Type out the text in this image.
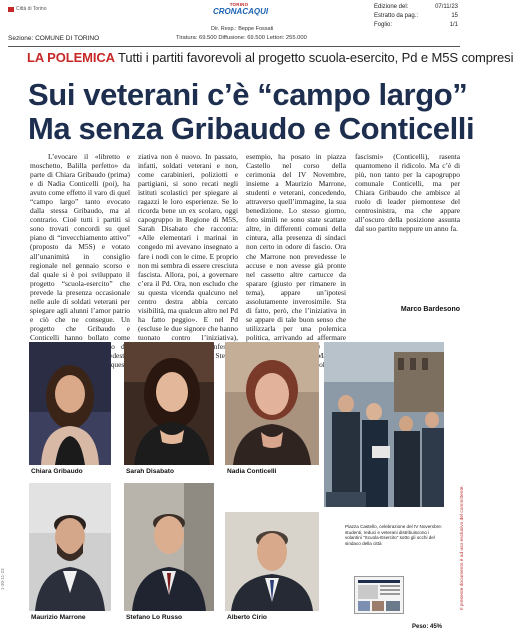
Città di Torino
TORINO
CRONACAQUI
Dir. Resp.: Beppe Fossati
Tiratura: 69.500 Diffusione: 69.500 Lettori: 255.000
Sezione: COMUNE DI TORINO
Edizione del:	07/11/23
Estratto da pag.:	15
Foglio:	1/1
LA POLEMICA Tutti i partiti favorevoli al progetto scuola-esercito, Pd e M5S compresi
Sui veterani c’è “campo largo”
Ma senza Gribaudo e Conticelli
L’evocare il «libretto e moschetto, Balilla perfetto» da parte di Chiara Gribaudo (prima) e di Nadia Conticelli (poi), ha avuto come effetto il varo di quel “campo largo” tanto evocato dalla stessa Gribaudo, ma al contrario. Cioè tutti i partiti si sono trovati concordi su quel piano di “invecchiamento attivo” (proposto da M5S) e votato all’unanimità in consiglio regionale nel gennaio scorso e dal quale si è poi sviluppato il progetto “scuola-esercito” che prevede la presenza occasionale nelle aule di soldati veterani per spiegare agli alunni l’amor patrio e ciò che ne consegue. Un progetto che Gribaudo e Conticelli hanno bollato come «destra questo
ziativa non è nuovo. In passato, infatti, soldati veterani e non, come carabinieri, poliziotti e partigiani, si sono recati negli istituti scolastici per spiegare ai ragazzi le loro esperienze. Se lo ricorda bene un ex scolaro, oggi capogruppo in Regione di M5S, Sarah Disabato che racconta: «Alle elementari i marinai in congedo mi avevano insegnato a fare i nodi con le cime. E proprio non mi sembra di essere cresciuta fascista. Allora, poi, a governare c’era il Pd. Ora, non escludo che su questa vicenda qualcuno nel centro destra abbia cercato visibilità, ma qualcun altro nel Pd ha fatto peggio». E nel Pd (escluse le due signore che hanno tuonato contro l’iniziativa), sconfessato
esempio, ha posato in piazza Castello nel corso della cerimonia del IV Novembre, insieme a Maurizio Marrone, studenti e veterani, concedendo, attraverso quell’immagine, la sua benedizione. Lo stesso giorno, foto simili ne sono state scattate altre, in differenti comuni della cintura, alla presenza di sindaci non certo in odore di fascio. Ora che Marrone non prevedesse le accuse e non avesse già pronte nel cassetto altre cartucce da sparare (giusto per rimanere in tema), appare un’ipotesi assolutamente inverosimile. Sta di fatto, però, che l’iniziativa in se appare di tale buon senso che utilizzarla per una polemica politica, arrivando ad affermare
fascismi» (Conticelli), rasenta quantomeno il ridicolo. Ma c’è di più, non tanto per la capogruppo comunale Conticelli, ma per Chiara Gribaudo che ambisce al ruolo di leader piemontese del centrosinistra, ma che appare all’oscuro della posizione assunta dal suo partito neppure un anno fa.
Marco Bardesono
Chiara Gribaudo	Sarah Disabato	Nadia Conticelli
Piazza Castello, celebrazione del IV Novembre: studenti, reduci e veterani distribuiscono i volantini “Scuola-Esercito” sotto gli occhi del sindaco della città
Maurizio Marrone	Stefano Lo Russo	Alberto Cirio
Peso: 45%
1-30-11-23	Il presente documento è ad uso esclusivo del committente.
